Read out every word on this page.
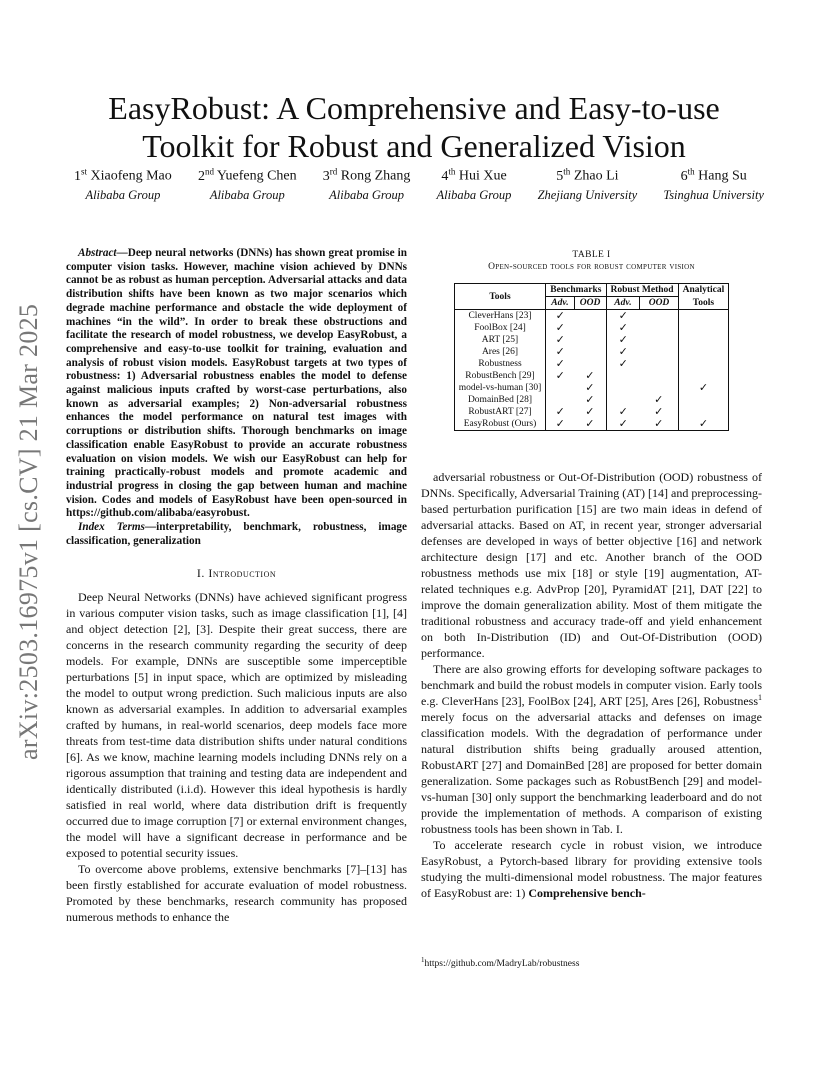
arXiv:2503.16975v1 [cs.CV] 21 Mar 2025
EasyRobust: A Comprehensive and Easy-to-use Toolkit for Robust and Generalized Vision
1st Xiaofeng Mao
Alibaba Group
2nd Yuefeng Chen
Alibaba Group
3rd Rong Zhang
Alibaba Group
4th Hui Xue
Alibaba Group
5th Zhao Li
Zhejiang University
6th Hang Su
Tsinghua University

Abstract—Deep neural networks (DNNs) has shown great promise in computer vision tasks. However, machine vision achieved by DNNs cannot be as robust as human perception. Adversarial attacks and data distribution shifts have been known as two major scenarios which degrade machine performance and obstacle the wide deployment of machines “in the wild”. In order to break these obstructions and facilitate the research of model robustness, we develop EasyRobust, a comprehensive and easy-to-use toolkit for training, evaluation and analysis of robust vision models. EasyRobust targets at two types of robustness: 1) Adversarial robustness enables the model to defense against malicious inputs crafted by worst-case perturbations, also known as adversarial examples; 2) Non-adversarial robustness enhances the model performance on natural test images with corruptions or distribution shifts. Thorough benchmarks on image classification enable EasyRobust to provide an accurate robustness evaluation on vision models. We wish our EasyRobust can help for training practically-robust models and promote academic and industrial progress in closing the gap between human and machine vision. Codes and models of EasyRobust have been open-sourced in https://github.com/alibaba/easyrobust.

Index Terms—interpretability, benchmark, robustness, image classification, generalization

I. Introduction

Deep Neural Networks (DNNs) have achieved significant progress in various computer vision tasks, such as image classification [1], [4] and object detection [2], [3]. Despite their great success, there are concerns in the research community regarding the security of deep models. For example, DNNs are susceptible some imperceptible perturbations [5] in input space, which are optimized by misleading the model to output wrong prediction. Such malicious inputs are also known as adversarial examples. In addition to adversarial examples crafted by humans, in real-world scenarios, deep models face more threats from test-time data distribution shifts under natural conditions [6]. As we know, machine learning models including DNNs rely on a rigorous assumption that training and testing data are independent and identically distributed (i.i.d). However this ideal hypothesis is hardly satisfied in real world, where data distribution drift is frequently occurred due to image corruption [7] or external environment changes, the model will have a significant decrease in performance and be exposed to potential security issues.

To overcome above problems, extensive benchmarks [7]–[13] has been firstly established for accurate evaluation of model robustness. Promoted by these benchmarks, research community has proposed numerous methods to enhance the

TABLE I
Open-sourced tools for robust computer vision
Tools	Benchmarks		Robust Method		Analytical
	Adv.	OOD	Adv.	OOD	Tools
CleverHans [23]	✓		✓		
FoolBox [24]	✓		✓		
ART [25]	✓		✓		
Ares [26]	✓		✓		
Robustness	✓		✓		
RobustBench [29]	✓	✓			
model-vs-human [30]		✓			✓
DomainBed [28]		✓		✓	
RobustART [27]	✓	✓	✓	✓	
EasyRobust (Ours)	✓	✓	✓	✓	✓

adversarial robustness or Out-Of-Distribution (OOD) robustness of DNNs. Specifically, Adversarial Training (AT) [14] and preprocessing-based perturbation purification [15] are two main ideas in defend of adversarial attacks. Based on AT, in recent year, stronger adversarial defenses are developed in ways of better objective [16] and network architecture design [17] and etc. Another branch of the OOD robustness methods use mix [18] or style [19] augmentation, AT-related techniques e.g. AdvProp [20], PyramidAT [21], DAT [22] to improve the domain generalization ability. Most of them mitigate the traditional robustness and accuracy trade-off and yield enhancement on both In-Distribution (ID) and Out-Of-Distribution (OOD) performance.

There are also growing efforts for developing software packages to benchmark and build the robust models in computer vision. Early tools e.g. CleverHans [23], FoolBox [24], ART [25], Ares [26], Robustness$^1$ merely focus on the adversarial attacks and defenses on image classification models. With the degradation of performance under natural distribution shifts being gradually aroused attention, RobustART [27] and DomainBed [28] are proposed for better domain generalization. Some packages such as RobustBench [29] and model-vs-human [30] only support the benchmarking leaderboard and do not provide the implementation of methods. A comparison of existing robustness tools has been shown in Tab. I.

To accelerate research cycle in robust vision, we introduce EasyRobust, a Pytorch-based library for providing extensive tools studying the multi-dimensional model robustness. The major features of EasyRobust are: 1) Comprehensive bench-

$^1$https://github.com/MadryLab/robustness
